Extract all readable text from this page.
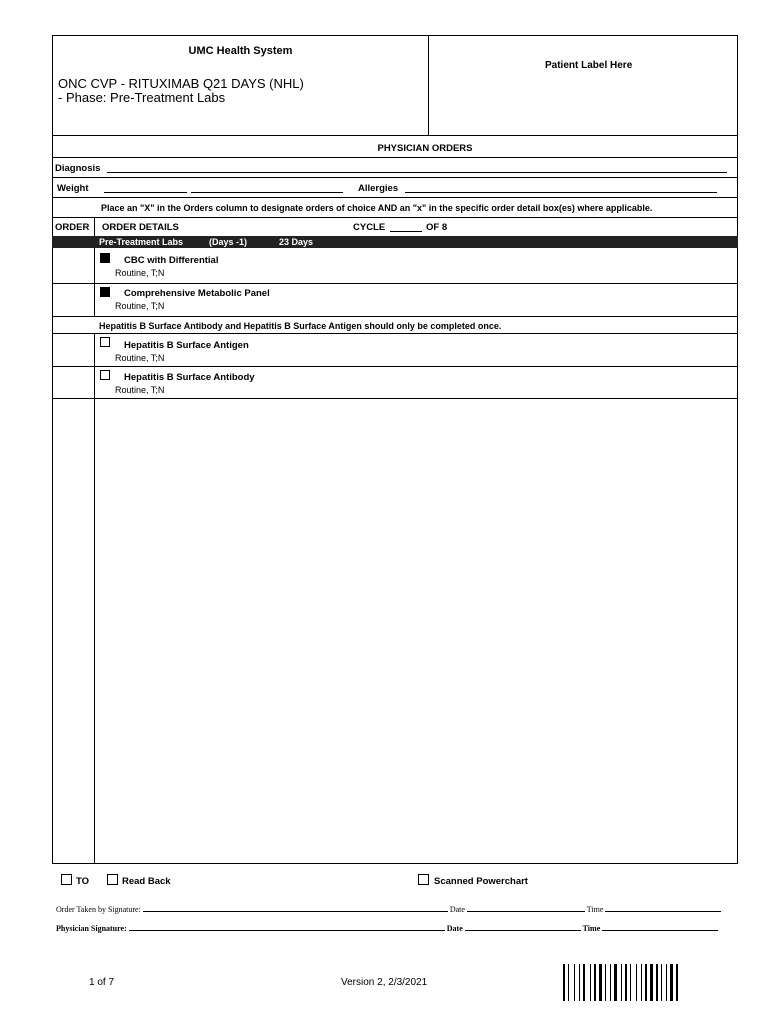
UMC Health System
ONC CVP - RITUXIMAB Q21 DAYS (NHL)
- Phase: Pre-Treatment Labs
Patient Label Here
PHYSICIAN ORDERS
Diagnosis
Weight	Allergies
Place an "X" in the Orders column to designate orders of choice AND an "x" in the specific order detail box(es) where applicable.
ORDER ORDER DETAILS	CYCLE	OF 8
Pre-Treatment Labs	(Days -1)	23 Days
CBC with Differential
Routine, T;N
Comprehensive Metabolic Panel
Routine, T;N
Hepatitis B Surface Antibody and Hepatitis B Surface Antigen should only be completed once.
Hepatitis B Surface Antigen
Routine, T;N
Hepatitis B Surface Antibody
Routine, T;N
TO	Read Back	Scanned Powerchart
Order Taken by Signature:	Date	Time
Physician Signature:	Date	Time
1 of 7	Version 2, 2/3/2021
